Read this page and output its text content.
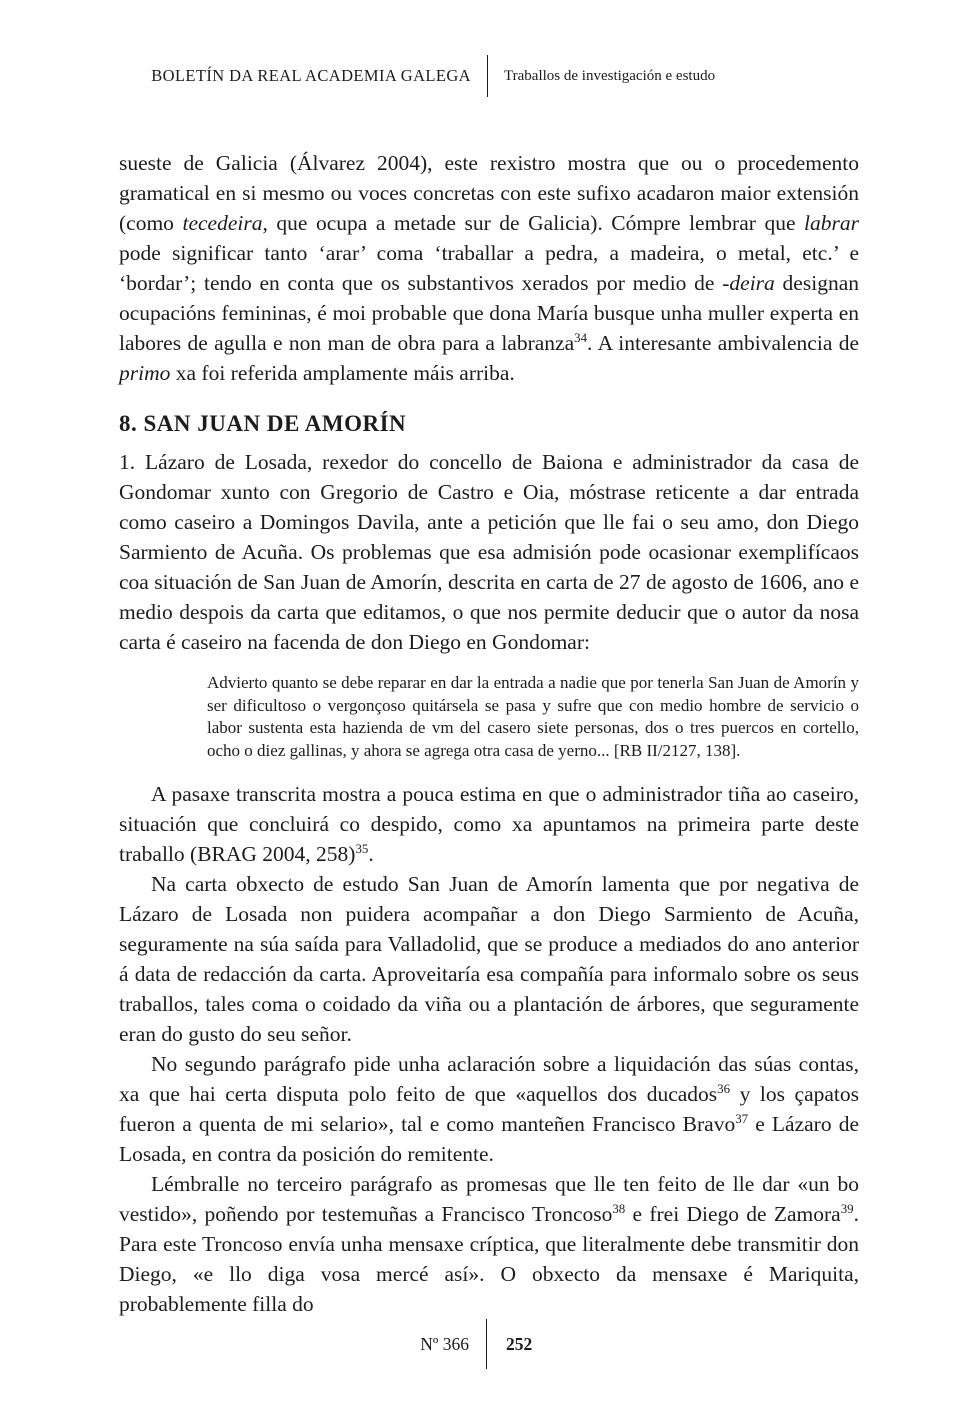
BOLETÍN DA REAL ACADEMIA GALEGA	Traballos de investigación e estudo

sueste de Galicia (Álvarez 2004), este rexistro mostra que ou o procedemento gramatical en si mesmo ou voces concretas con este sufixo acadaron maior extensión (como tecedeira, que ocupa a metade sur de Galicia). Cómpre lembrar que labrar pode significar tanto ‘arar’ coma ‘traballar a pedra, a madeira, o metal, etc.’ e ‘bordar’; tendo en conta que os substantivos xerados por medio de -deira designan ocupacións femininas, é moi probable que dona María busque unha muller experta en labores de agulla e non man de obra para a labranza$^{34}$. A interesante ambivalencia de primo xa foi referida amplamente máis arriba.

8. SAN JUAN DE AMORÍN

1. Lázaro de Losada, rexedor do concello de Baiona e administrador da casa de Gondomar xunto con Gregorio de Castro e Oia, móstrase reticente a dar entrada como caseiro a Domingos Davila, ante a petición que lle fai o seu amo, don Diego Sarmiento de Acuña. Os problemas que esa admisión pode ocasionar exemplifícaos coa situación de San Juan de Amorín, descrita en carta de 27 de agosto de 1606, ano e medio despois da carta que editamos, o que nos permite deducir que o autor da nosa carta é caseiro na facenda de don Diego en Gondomar:

Advierto quanto se debe reparar en dar la entrada a nadie que por tenerla San Juan de Amorín y ser dificultoso o vergonçoso quitársela se pasa y sufre que con medio hombre de servicio o labor sustenta esta hazienda de vm del casero siete personas, dos o tres puercos en cortello, ocho o diez gallinas, y ahora se agrega otra casa de yerno... [RB II/2127, 138].

A pasaxe transcrita mostra a pouca estima en que o administrador tiña ao caseiro, situación que concluirá co despido, como xa apuntamos na primeira parte deste traballo (BRAG 2004, 258)$^{35}$.

Na carta obxecto de estudo San Juan de Amorín lamenta que por negativa de Lázaro de Losada non puidera acompañar a don Diego Sarmiento de Acuña, seguramente na súa saída para Valladolid, que se produce a mediados do ano anterior á data de redacción da carta. Aproveitaría esa compañía para informalo sobre os seus traballos, tales coma o coidado da viña ou a plantación de árbores, que seguramente eran do gusto do seu señor.

No segundo parágrafo pide unha aclaración sobre a liquidación das súas contas, xa que hai certa disputa polo feito de que «aquellos dos ducados$^{36}$ y los çapatos fueron a quenta de mi selario», tal e como manteñen Francisco Bravo$^{37}$ e Lázaro de Losada, en contra da posición do remitente.

Lémbralle no terceiro parágrafo as promesas que lle ten feito de lle dar «un bo vestido», poñendo por testemuñas a Francisco Troncoso$^{38}$ e frei Diego de Zamora$^{39}$. Para este Troncoso envía unha mensaxe críptica, que literalmente debe transmitir don Diego, «e llo diga vosa mercé así». O obxecto da mensaxe é Mariquita, probablemente filla do

Nº 366	252
